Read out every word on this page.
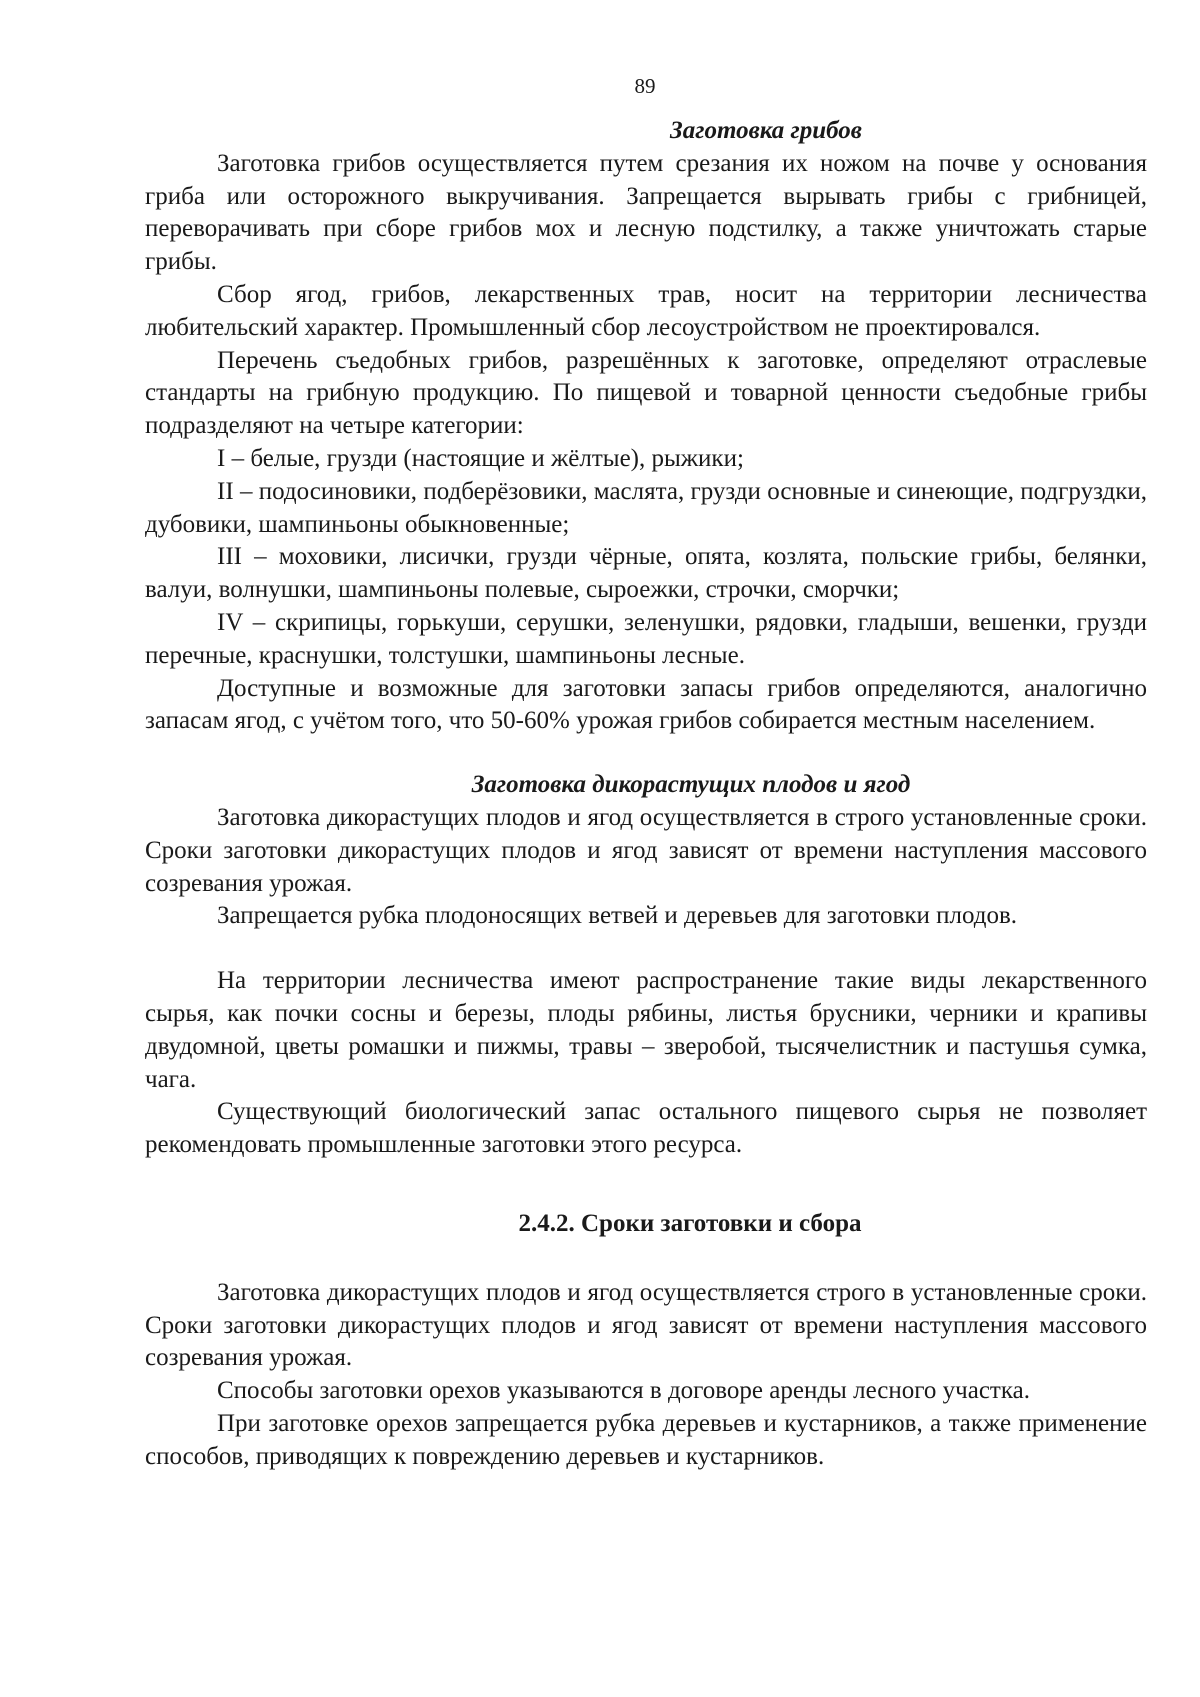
89
Заготовка грибов

Заготовка грибов осуществляется путем срезания их ножом на почве у основания гриба или осторожного выкручивания. Запрещается вырывать грибы с грибницей, переворачивать при сборе грибов мох и лесную подстилку, а также уничтожать старые грибы.

Сбор ягод, грибов, лекарственных трав, носит на территории лесничества любительский характер. Промышленный сбор лесоустройством не проектировался.

Перечень съедобных грибов, разрешённых к заготовке, определяют отраслевые стандарты на грибную продукцию. По пищевой и товарной ценности съедобные грибы подразделяют на четыре категории:

I – белые, грузди (настоящие и жёлтые), рыжики;

II – подосиновики, подберёзовики, маслята, грузди основные и синеющие, подгруздки, дубовики, шампиньоны обыкновенные;

III – моховики, лисички, грузди чёрные, опята, козлята, польские грибы, белянки, валуи, волнушки, шампиньоны полевые, сыроежки, строчки, сморчки;

IV – скрипицы, горькуши, серушки, зеленушки, рядовки, гладыши, вешенки, грузди перечные, краснушки, толстушки, шампиньоны лесные.

Доступные и возможные для заготовки запасы грибов определяются, аналогично запасам ягод, с учётом того, что 50-60% урожая грибов собирается местным населением.

Заготовка дикорастущих плодов и ягод

Заготовка дикорастущих плодов и ягод осуществляется в строго установленные сроки. Сроки заготовки дикорастущих плодов и ягод зависят от времени наступления массового созревания урожая.

Запрещается рубка плодоносящих ветвей и деревьев для заготовки плодов.

На территории лесничества имеют распространение такие виды лекарственного сырья, как почки сосны и березы, плоды рябины, листья брусники, черники и крапивы двудомной, цветы ромашки и пижмы, травы – зверобой, тысячелистник и пастушья сумка, чага.

Существующий биологический запас остального пищевого сырья не позволяет рекомендовать промышленные заготовки этого ресурса.

2.4.2. Сроки заготовки и сбора

Заготовка дикорастущих плодов и ягод осуществляется строго в установленные сроки. Сроки заготовки дикорастущих плодов и ягод зависят от времени наступления массового созревания урожая.

Способы заготовки орехов указываются в договоре аренды лесного участка.

При заготовке орехов запрещается рубка деревьев и кустарников, а также применение способов, приводящих к повреждению деревьев и кустарников.
